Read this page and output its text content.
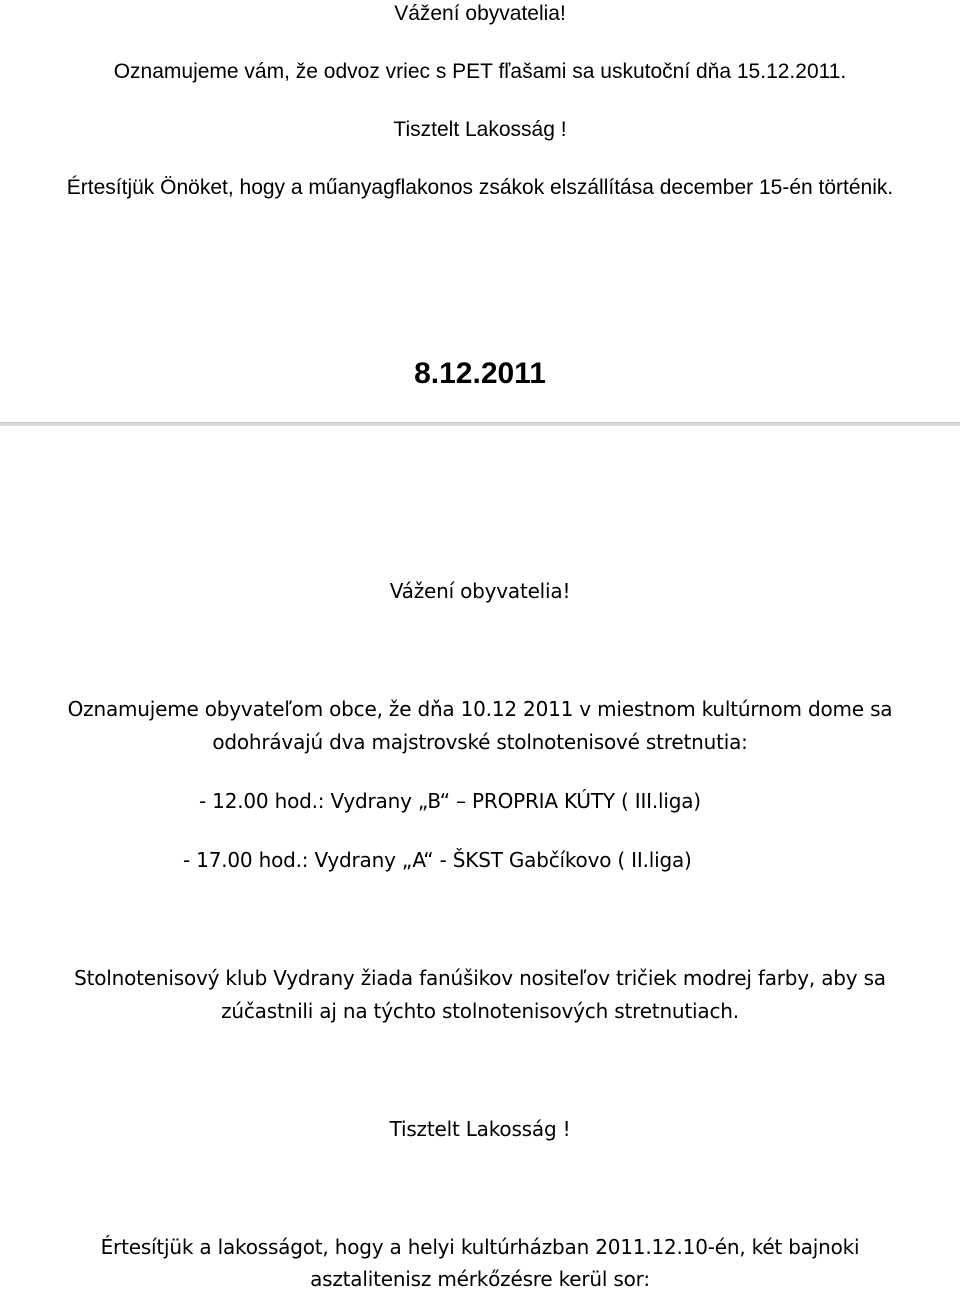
Vážení obyvatelia!
Oznamujeme vám, že odvoz vriec s PET fľašami sa uskutoční dňa 15.12.2011.
Tisztelt Lakosság !
Értesítjük Önöket, hogy a műanyagflakonos zsákok elszállítása december 15-én történik.
8.12.2011
Vážení obyvatelia!
Oznamujeme obyvateľom obce, že dňa 10.12 2011 v miestnom kultúrnom dome sa
odohrávajú dva majstrovské stolnotenisové stretnutia:
- 12.00 hod.: Vydrany „B“ – PROPRIA KÚTY ( III.liga)
- 17.00 hod.: Vydrany „A“ - ŠKST Gabčíkovo ( II.liga)
Stolnotenisový klub Vydrany žiada fanúšikov nositeľov tričiek modrej farby, aby sa
zúčastnili aj na týchto stolnotenisových stretnutiach.
Tisztelt Lakosság !
Értesítjük a lakosságot, hogy a helyi kultúrházban 2011.12.10-én, két bajnoki
asztalitenisz mérkőzésre kerül sor:
